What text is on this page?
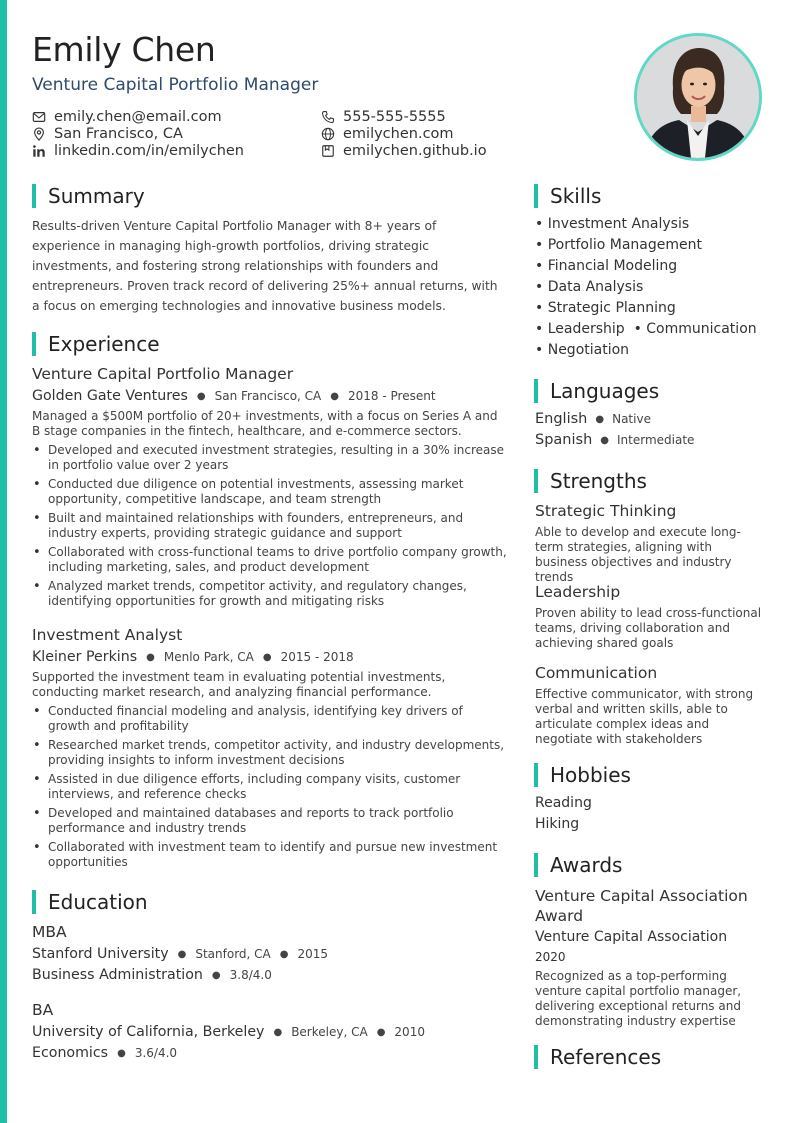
Emily Chen
Venture Capital Portfolio Manager
emily.chen@email.com	555-555-5555
San Francisco, CA	emilychen.com
linkedin.com/in/emilychen	emilychen.github.io
Summary

Results-driven Venture Capital Portfolio Manager with 8+ years of experience in managing high-growth portfolios, driving strategic investments, and fostering strong relationships with founders and entrepreneurs. Proven track record of delivering 25%+ annual returns, with a focus on emerging technologies and innovative business models.

Experience
Venture Capital Portfolio Manager
Golden Gate Ventures ● San Francisco, CA ● 2018 - Present

Managed a $500M portfolio of 20+ investments, with a focus on Series A and B stage companies in the fintech, healthcare, and e-commerce sectors.

• Developed and executed investment strategies, resulting in a 30% increase in portfolio value over 2 years
• Conducted due diligence on potential investments, assessing market opportunity, competitive landscape, and team strength
• Built and maintained relationships with founders, entrepreneurs, and industry experts, providing strategic guidance and support
• Collaborated with cross-functional teams to drive portfolio company growth, including marketing, sales, and product development
• Analyzed market trends, competitor activity, and regulatory changes, identifying opportunities for growth and mitigating risks
Investment Analyst
Kleiner Perkins ● Menlo Park, CA ● 2015 - 2018

Supported the investment team in evaluating potential investments, conducting market research, and analyzing financial performance.

• Conducted financial modeling and analysis, identifying key drivers of growth and profitability
• Researched market trends, competitor activity, and industry developments, providing insights to inform investment decisions
• Assisted in due diligence efforts, including company visits, customer interviews, and reference checks
• Developed and maintained databases and reports to track portfolio performance and industry trends
• Collaborated with investment team to identify and pursue new investment opportunities
Education
MBA
Stanford University ● Stanford, CA ● 2015
Business Administration ● 3.8/4.0
BA
University of California, Berkeley ● Berkeley, CA ● 2010
Economics ● 3.6/4.0
Skills
• Investment Analysis
• Portfolio Management
• Financial Modeling
• Data Analysis
• Strategic Planning
• Leadership  • Communication
• Negotiation
Languages
English ● Native
Spanish ● Intermediate
Strengths
Strategic Thinking

Able to develop and execute long-term strategies, aligning with business objectives and industry trends

Leadership

Proven ability to lead cross-functional teams, driving collaboration and achieving shared goals

Communication

Effective communicator, with strong verbal and written skills, able to articulate complex ideas and negotiate with stakeholders

Hobbies
Reading
Hiking
Awards
Venture Capital Association Award
Venture Capital Association
2020

Recognized as a top-performing venture capital portfolio manager, delivering exceptional returns and demonstrating industry expertise

References
